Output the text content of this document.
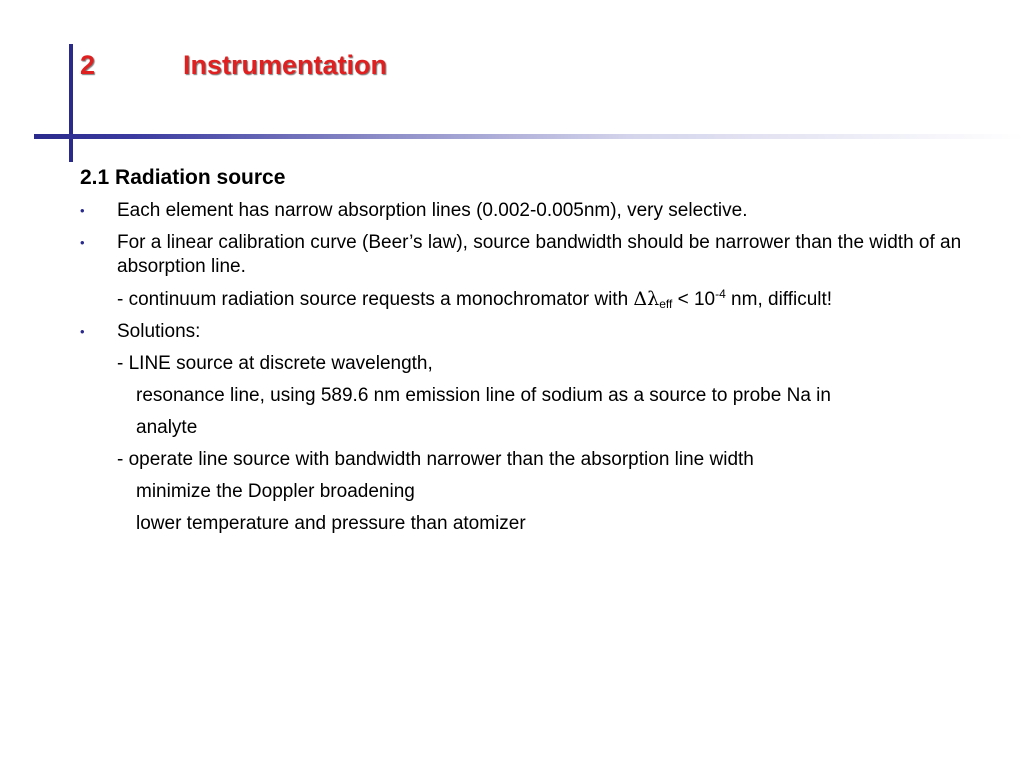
2	Instrumentation
2.1 Radiation source
• Each element has narrow absorption lines (0.002-0.005nm), very selective.
• For a linear calibration curve (Beer’s law), source bandwidth should be narrower than the width of an absorption line.
- continuum radiation source requests a monochromator with $\Delta\lambda_{eff} < 10^{-4}$ nm, difficult!
• Solutions:
- LINE source at discrete wavelength,
resonance line, using 589.6 nm emission line of sodium as a source to probe Na in
analyte
- operate line source with bandwidth narrower than the absorption line width
minimize the Doppler broadening
lower temperature and pressure than atomizer
